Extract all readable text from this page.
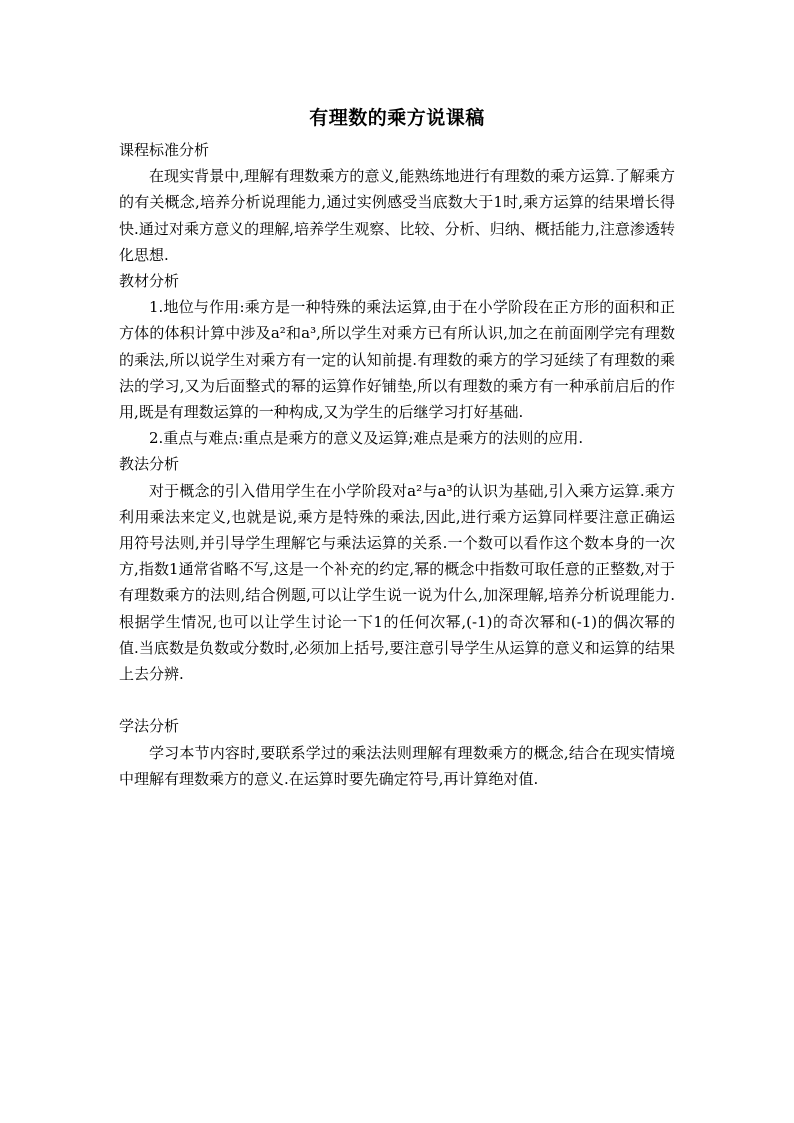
有理数的乘方说课稿

课程标准分析

在现实背景中,理解有理数乘方的意义,能熟练地进行有理数的乘方运算.了解乘方的有关概念,培养分析说理能力,通过实例感受当底数大于1时,乘方运算的结果增长得快.通过对乘方意义的理解,培养学生观察、比较、分析、归纳、概括能力,注意渗透转化思想.

教材分析

1.地位与作用:乘方是一种特殊的乘法运算,由于在小学阶段在正方形的面积和正方体的体积计算中涉及a²和a³,所以学生对乘方已有所认识,加之在前面刚学完有理数的乘法,所以说学生对乘方有一定的认知前提.有理数的乘方的学习延续了有理数的乘法的学习,又为后面整式的幂的运算作好铺垫,所以有理数的乘方有一种承前启后的作用,既是有理数运算的一种构成,又为学生的后继学习打好基础.

2.重点与难点:重点是乘方的意义及运算;难点是乘方的法则的应用.

教法分析

对于概念的引入借用学生在小学阶段对a²与a³的认识为基础,引入乘方运算.乘方利用乘法来定义,也就是说,乘方是特殊的乘法,因此,进行乘方运算同样要注意正确运用符号法则,并引导学生理解它与乘法运算的关系.一个数可以看作这个数本身的一次方,指数1通常省略不写,这是一个补充的约定,幂的概念中指数可取任意的正整数,对于有理数乘方的法则,结合例题,可以让学生说一说为什么,加深理解,培养分析说理能力.根据学生情况,也可以让学生讨论一下1的任何次幂,(-1)的奇次幂和(-1)的偶次幂的值.当底数是负数或分数时,必须加上括号,要注意引导学生从运算的意义和运算的结果上去分辨.

学法分析

学习本节内容时,要联系学过的乘法法则理解有理数乘方的概念,结合在现实情境中理解有理数乘方的意义.在运算时要先确定符号,再计算绝对值.
